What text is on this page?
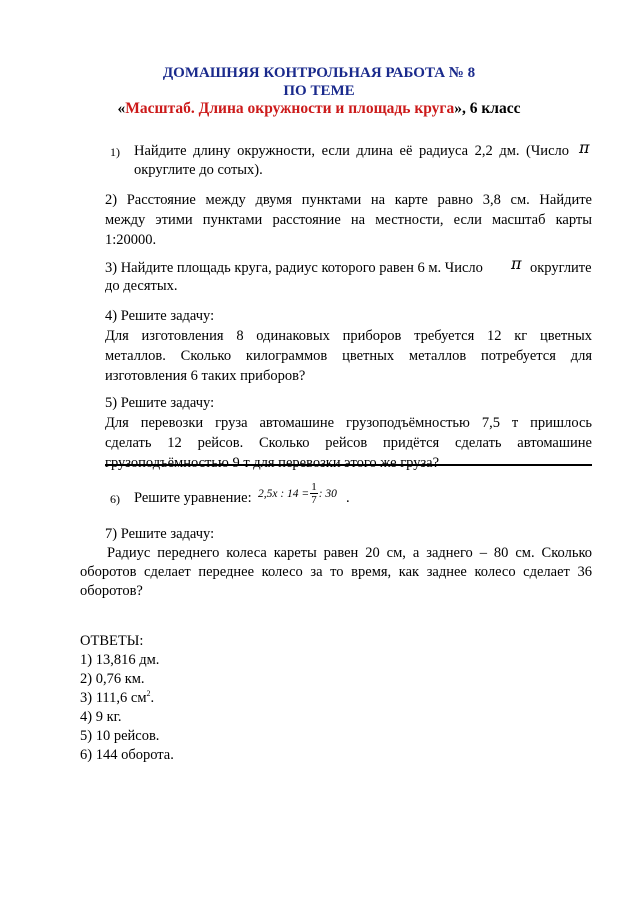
ДОМАШНЯЯ КОНТРОЛЬНАЯ РАБОТА № 8
ПО ТЕМЕ
«Масштаб. Длина окружности и площадь круга», 6 класс
1) Найдите длину окружности, если длина её радиуса 2,2 дм. (Число π
округлите до сотых).
2) Расстояние между двумя пунктами на карте равно 3,8 см. Найдите
между этими пунктами расстояние на местности, если масштаб карты
1:20000.
3) Найдите площадь круга, радиус которого равен 6 м. Число π округлите
до десятых.
4) Решите задачу:
Для изготовления 8 одинаковых приборов требуется 12 кг цветных
металлов. Сколько килограммов цветных металлов потребуется для
изготовления 6 таких приборов?
5) Решите задачу:
Для перевозки груза автомашине грузоподъёмностью 7,5 т пришлось
сделать 12 рейсов. Сколько рейсов придётся сделать автомашине
грузоподъёмностью 9 т для перевозки этого же груза?
6) Решите уравнение: 2,5x : $14 = \frac{1}{7}$ : 30 .
7) Решите задачу:
Радиус переднего колеса кареты равен 20 см, а заднего – 80 см. Сколько
оборотов сделает переднее колесо за то время, как заднее колесо сделает 36
оборотов?
ОТВЕТЫ:
1) 13,816 дм.
2) 0,76 км.
3) 111,6 $см^2$.
4) 9 кг.
5) 10 рейсов.
6) 144 оборота.
